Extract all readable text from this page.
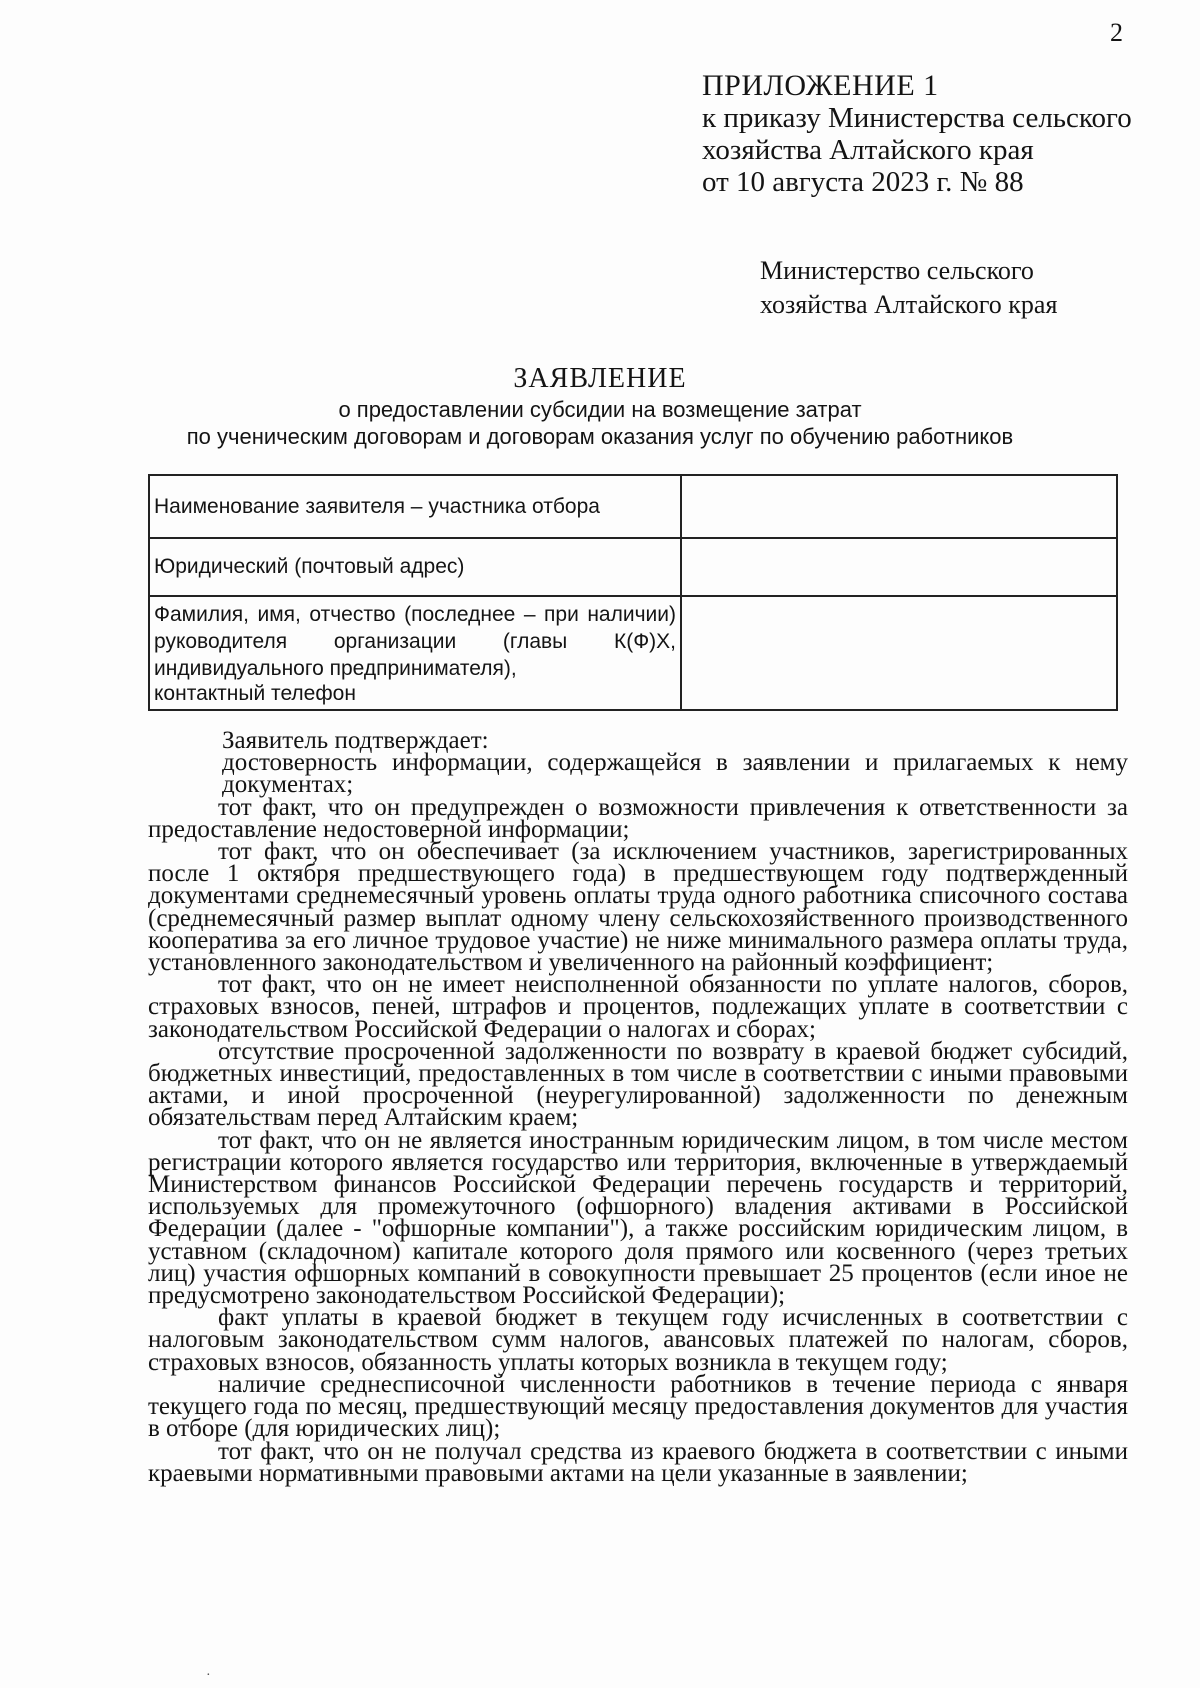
2
ПРИЛОЖЕНИЕ 1
к приказу Министерства сельского
хозяйства Алтайского края
от 10 августа 2023 г. № 88
Министерство сельского
хозяйства Алтайского края
ЗАЯВЛЕНИЕ
о предоставлении субсидии на возмещение затрат
по ученическим договорам и договорам оказания услуг по обучению работников
Наименование заявителя – участника отбора	
Юридический (почтовый адрес)	

Фамилия, имя, отчество (последнее – при наличии) руководителя организации (главы К(Ф)Х, индивидуального предпринимателя),
контактный телефон	

Заявитель подтверждает:

достоверность информации, содержащейся в заявлении и прилагаемых к нему документах;

тот факт, что он предупрежден о возможности привлечения к ответственности за предоставление недостоверной информации;

тот факт, что он обеспечивает (за исключением участников, зарегистрированных после 1 октября предшествующего года) в предшествующем году подтвержденный документами среднемесячный уровень оплаты труда одного работника списочного состава (среднемесячный размер выплат одному члену сельскохозяйственного производственного кооператива за его личное трудовое участие) не ниже минимального размера оплаты труда, установленного законодательством и увеличенного на районный коэффициент;

тот факт, что он не имеет неисполненной обязанности по уплате налогов, сборов, страховых взносов, пеней, штрафов и процентов, подлежащих уплате в соответствии с законодательством Российской Федерации о налогах и сборах;

отсутствие просроченной задолженности по возврату в краевой бюджет субсидий, бюджетных инвестиций, предоставленных в том числе в соответствии с иными правовыми актами, и иной просроченной (неурегулированной) задолженности по денежным обязательствам перед Алтайским краем;

тот факт, что он не является иностранным юридическим лицом, в том числе местом регистрации которого является государство или территория, включенные в утверждаемый Министерством финансов Российской Федерации перечень государств и территорий, используемых для промежуточного (офшорного) владения активами в Российской Федерации (далее - "офшорные компании"), а также российским юридическим лицом, в уставном (складочном) капитале которого доля прямого или косвенного (через третьих лиц) участия офшорных компаний в совокупности превышает 25 процентов (если иное не предусмотрено законодательством Российской Федерации);

факт уплаты в краевой бюджет в текущем году исчисленных в соответствии с налоговым законодательством сумм налогов, авансовых платежей по налогам, сборов, страховых взносов, обязанность уплаты которых возникла в текущем году;

наличие среднесписочной численности работников в течение периода с января текущего года по месяц, предшествующий месяцу предоставления документов для участия в отборе (для юридических лиц);

тот факт, что он не получал средства из краевого бюджета в соответствии с иными краевыми нормативными правовыми актами на цели указанные в заявлении;

·
